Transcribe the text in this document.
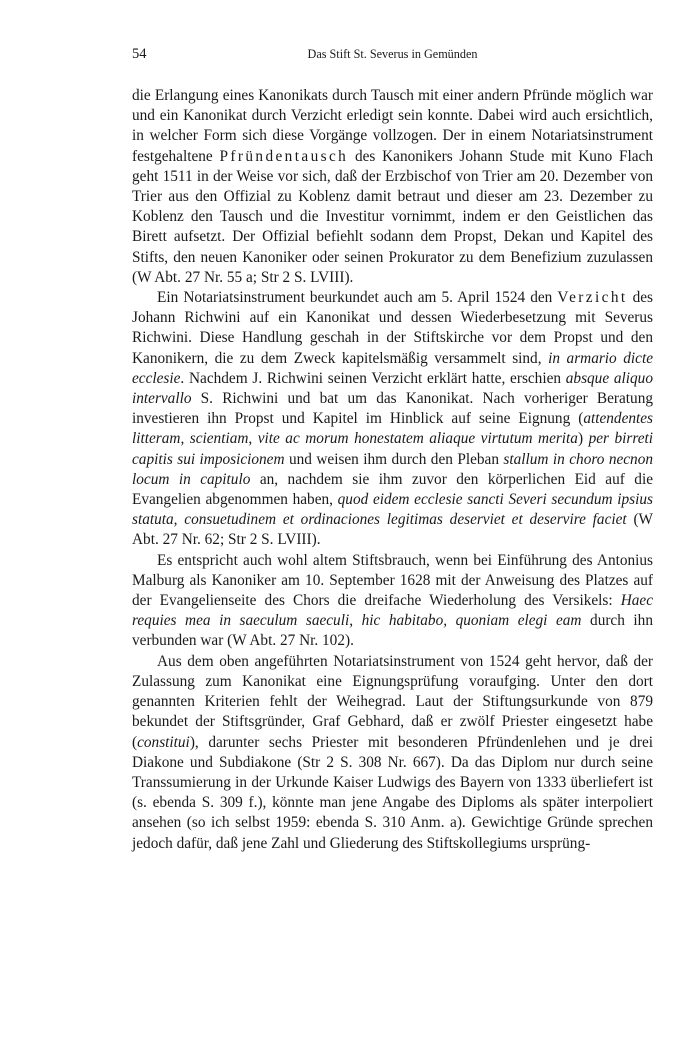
54	Das Stift St. Severus in Gemünden

die Erlangung eines Kanonikats durch Tausch mit einer andern Pfründe möglich war und ein Kanonikat durch Verzicht erledigt sein konnte. Dabei wird auch ersichtlich, in welcher Form sich diese Vorgänge vollzogen. Der in einem Notariatsinstrument festgehaltene Pfründentausch des Kanonikers Johann Stude mit Kuno Flach geht 1511 in der Weise vor sich, daß der Erzbischof von Trier am 20. Dezember von Trier aus den Offizial zu Koblenz damit betraut und dieser am 23. Dezember zu Koblenz den Tausch und die Investitur vornimmt, indem er den Geistlichen das Birett aufsetzt. Der Offizial befiehlt sodann dem Propst, Dekan und Kapitel des Stifts, den neuen Kanoniker oder seinen Prokurator zu dem Benefizium zuzulassen (W Abt. 27 Nr. 55 a; Str 2 S. LVIII).

Ein Notariatsinstrument beurkundet auch am 5. April 1524 den Verzicht des Johann Richwini auf ein Kanonikat und dessen Wiederbesetzung mit Severus Richwini. Diese Handlung geschah in der Stiftskirche vor dem Propst und den Kanonikern, die zu dem Zweck kapitelsmäßig versammelt sind, in armario dicte ecclesie. Nachdem J. Richwini seinen Verzicht erklärt hatte, erschien absque aliquo intervallo S. Richwini und bat um das Kanonikat. Nach vorheriger Beratung investieren ihn Propst und Kapitel im Hinblick auf seine Eignung (attendentes litteram, scientiam, vite ac morum honestatem aliaque virtutum merita) per birreti capitis sui imposicionem und weisen ihm durch den Pleban stallum in choro necnon locum in capitulo an, nachdem sie ihm zuvor den körperlichen Eid auf die Evangelien abgenommen haben, quod eidem ecclesie sancti Severi secundum ipsius statuta, consuetudinem et ordinaciones legitimas deserviet et deservire faciet (W Abt. 27 Nr. 62; Str 2 S. LVIII).

Es entspricht auch wohl altem Stiftsbrauch, wenn bei Einführung des Antonius Malburg als Kanoniker am 10. September 1628 mit der Anweisung des Platzes auf der Evangelienseite des Chors die dreifache Wiederholung des Versikels: Haec requies mea in saeculum saeculi, hic habitabo, quoniam elegi eam durch ihn verbunden war (W Abt. 27 Nr. 102).

Aus dem oben angeführten Notariatsinstrument von 1524 geht hervor, daß der Zulassung zum Kanonikat eine Eignungsprüfung voraufging. Unter den dort genannten Kriterien fehlt der Weihegrad. Laut der Stiftungsurkunde von 879 bekundet der Stiftsgründer, Graf Gebhard, daß er zwölf Priester eingesetzt habe (constitui), darunter sechs Priester mit besonderen Pfründenlehen und je drei Diakone und Subdiakone (Str 2 S. 308 Nr. 667). Da das Diplom nur durch seine Transsumierung in der Urkunde Kaiser Ludwigs des Bayern von 1333 überliefert ist (s. ebenda S. 309 f.), könnte man jene Angabe des Diploms als später interpoliert ansehen (so ich selbst 1959: ebenda S. 310 Anm. a). Gewichtige Gründe sprechen jedoch dafür, daß jene Zahl und Gliederung des Stiftskollegiums ursprüng-
